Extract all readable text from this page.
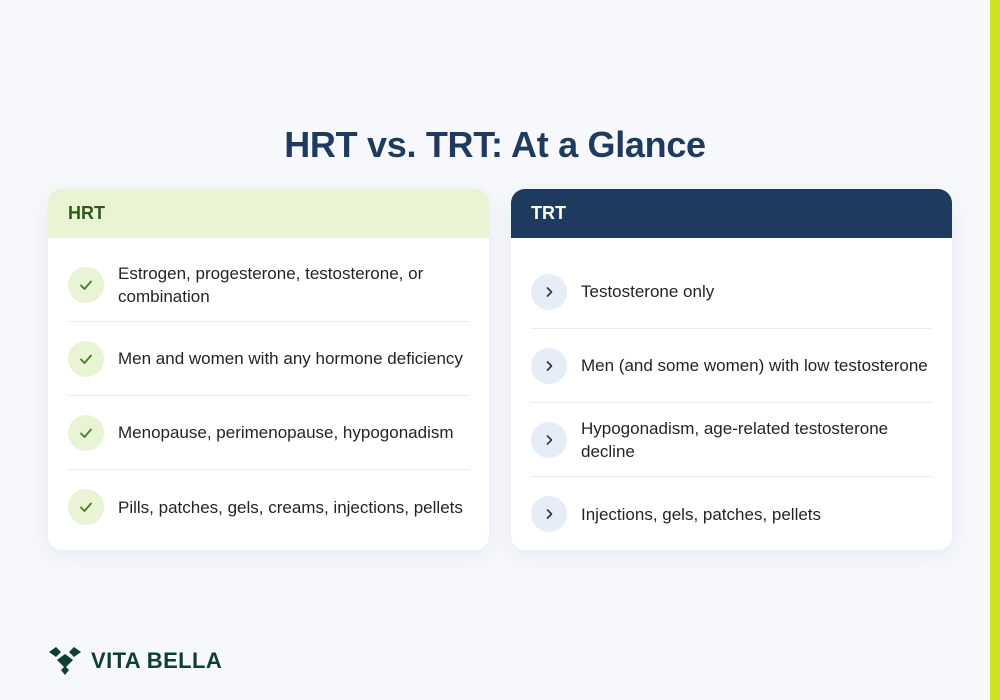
HRT vs. TRT: At a Glance
HRT
Estrogen, progesterone, testosterone, or combination
Men and women with any hormone deficiency
Menopause, perimenopause, hypogonadism
Pills, patches, gels, creams, injections, pellets
TRT
Testosterone only
Men (and some women) with low testosterone
Hypogonadism, age-related testosterone decline
Injections, gels, patches, pellets
VITA BELLA
